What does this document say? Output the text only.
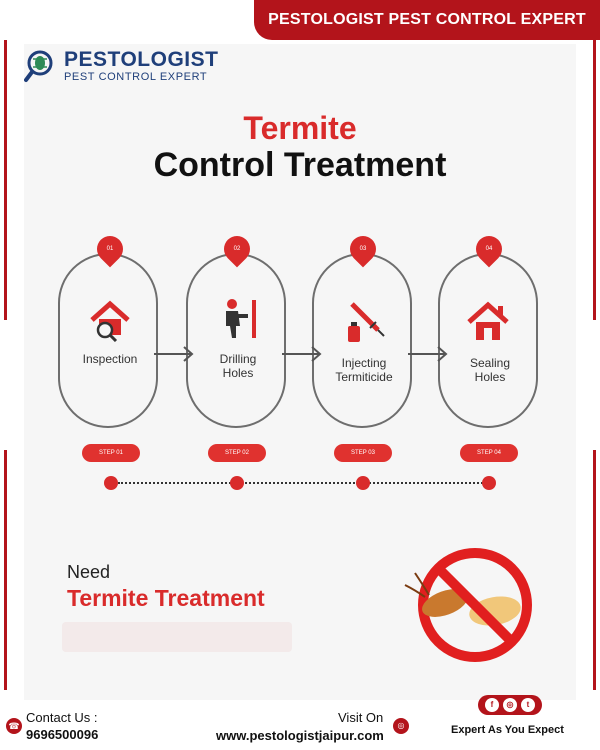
PESTOLOGIST PEST CONTROL EXPERT
PESTOLOGIST
PEST CONTROL EXPERT
Termite
Control Treatment
01
Inspection
02
Drilling
Holes
03
Injecting
Termiticide
04
Sealing
Holes
STEP 01	STEP 02	STEP 03	STEP 04
Need
Termite Treatment
☎
Contact Us :
9696500096
Visit On
◎
www.pestologistjaipur.com
f	◎	t
Expert As You Expect
